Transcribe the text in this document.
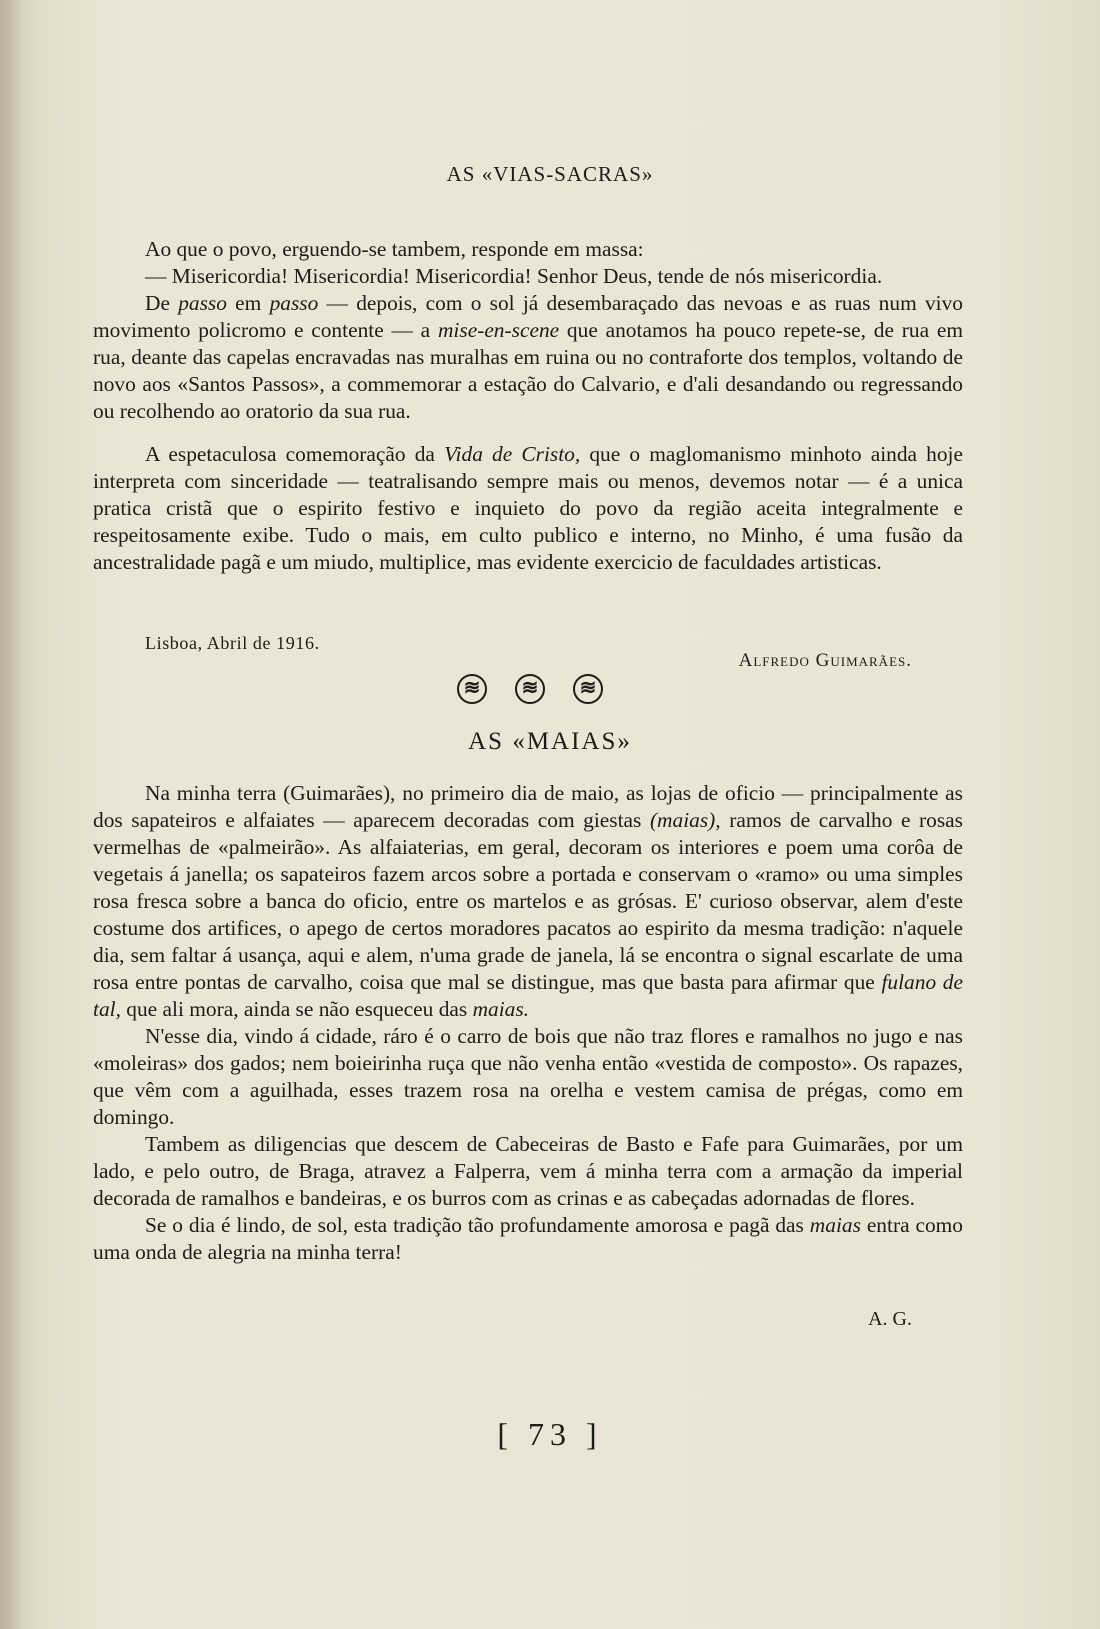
AS «VIAS-SACRAS»

Ao que o povo, erguendo-se tambem, responde em massa:

— Misericordia! Misericordia! Misericordia! Senhor Deus, tende de nós misericordia.

De passo em passo — depois, com o sol já desembaraçado das nevoas e as ruas num vivo movimento policromo e contente — a mise-en-scene que anotamos ha pouco repete-se, de rua em rua, deante das capelas encravadas nas muralhas em ruina ou no contraforte dos templos, voltando de novo aos «Santos Passos», a commemorar a estação do Calvario, e d'ali desandando ou regressando ou recolhendo ao oratorio da sua rua.

A espetaculosa comemoração da Vida de Cristo, que o maglomanismo minhoto ainda hoje interpreta com sinceridade — teatralisando sempre mais ou menos, devemos notar — é a unica pratica cristã que o espirito festivo e inquieto do povo da região aceita integralmente e respeitosamente exibe. Tudo o mais, em culto publico e interno, no Minho, é uma fusão da ancestralidade pagã e um miudo, multiplice, mas evidente exercicio de faculdades artisticas.

Lisboa, Abril de 1916.
Alfredo Guimarães.
≋	≋	≋
AS «MAIAS»

Na minha terra (Guimarães), no primeiro dia de maio, as lojas de oficio — principalmente as dos sapateiros e alfaiates — aparecem decoradas com giestas (maias), ramos de carvalho e rosas vermelhas de «palmeirão». As alfaiaterias, em geral, decoram os interiores e poem uma corôa de vegetais á janella; os sapateiros fazem arcos sobre a portada e conservam o «ramo» ou uma simples rosa fresca sobre a banca do oficio, entre os martelos e as grósas. E' curioso observar, alem d'este costume dos artifices, o apego de certos moradores pacatos ao espirito da mesma tradição: n'aquele dia, sem faltar á usança, aqui e alem, n'uma grade de janela, lá se encontra o signal escarlate de uma rosa entre pontas de carvalho, coisa que mal se distingue, mas que basta para afirmar que fulano de tal, que ali mora, ainda se não esqueceu das maias.

N'esse dia, vindo á cidade, ráro é o carro de bois que não traz flores e ramalhos no jugo e nas «moleiras» dos gados; nem boieirinha ruça que não venha então «vestida de composto». Os rapazes, que vêm com a aguilhada, esses trazem rosa na orelha e vestem camisa de prégas, como em domingo.

Tambem as diligencias que descem de Cabeceiras de Basto e Fafe para Guimarães, por um lado, e pelo outro, de Braga, atravez a Falperra, vem á minha terra com a armação da imperial decorada de ramalhos e bandeiras, e os burros com as crinas e as cabeçadas adornadas de flores.

Se o dia é lindo, de sol, esta tradição tão profundamente amorosa e pagã das maias entra como uma onda de alegria na minha terra!

A. G.
[ 73 ]
